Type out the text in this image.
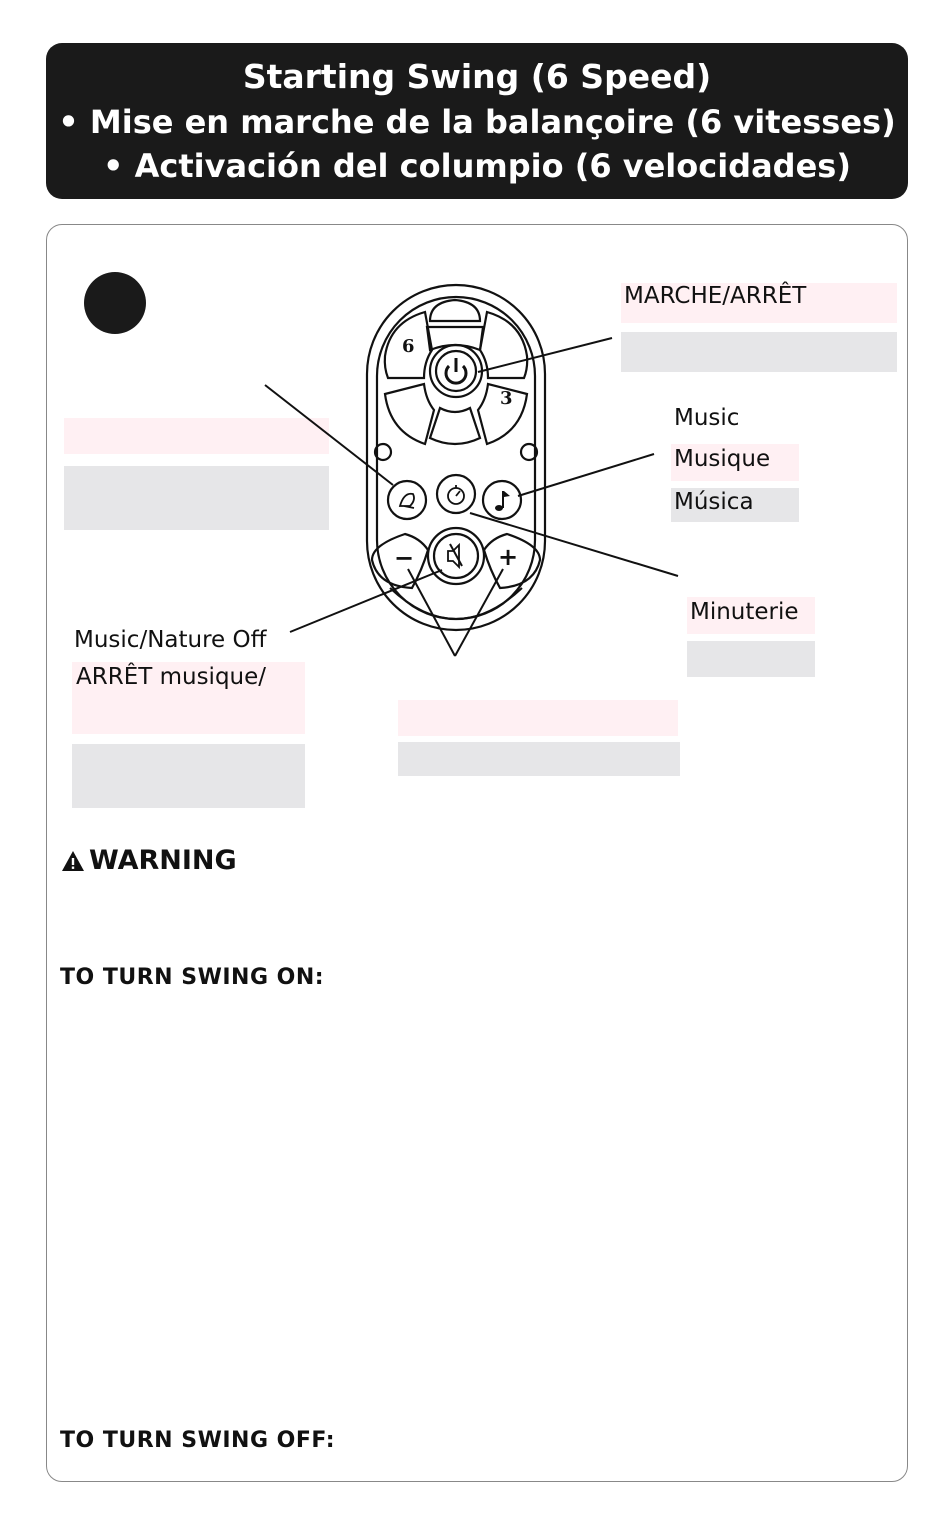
Starting Swing (6 Speed)
• Mise en marche de la balançoire (6 vitesses)
• Activación del columpio (6 velocidades)
6
3
−	+
MARCHE/ARRÊT
Music
Musique
Música
Minuterie
Music/Nature Off
ARRÊT musique/
WARNING
TO TURN SWING ON:
TO TURN SWING OFF:
